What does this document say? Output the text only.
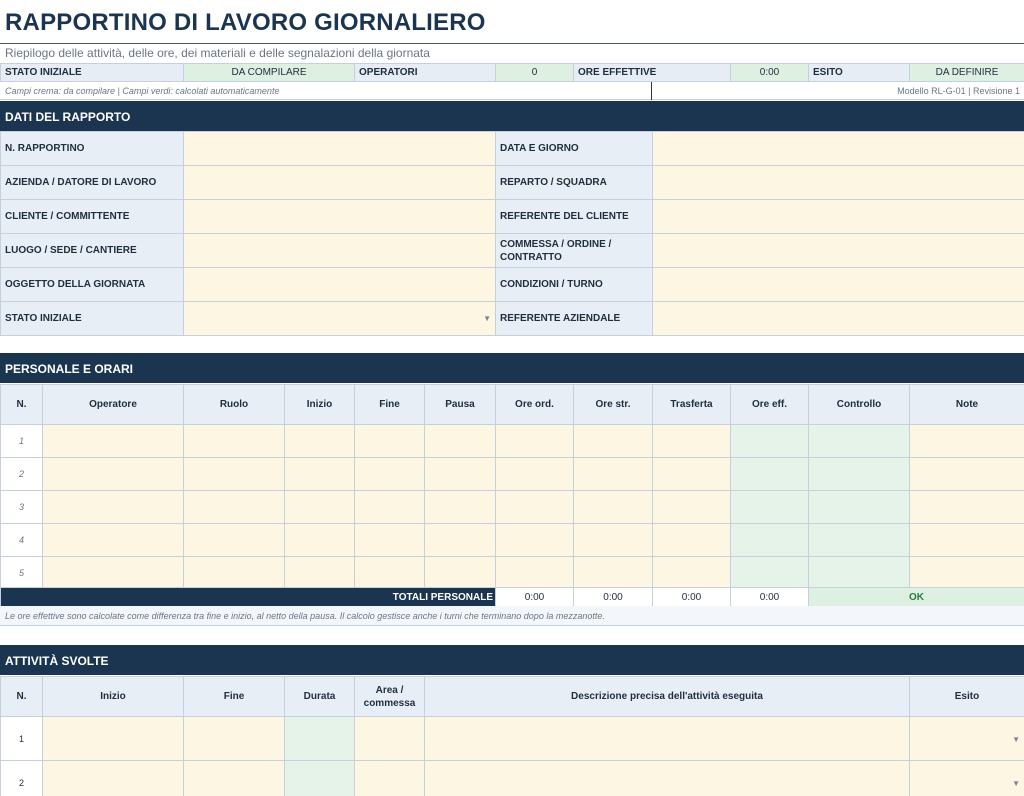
RAPPORTINO DI LAVORO GIORNALIERO
Riepilogo delle attività, delle ore, dei materiali e delle segnalazioni della giornata
STATO INIZIALE	DA COMPILARE	OPERATORI	0	ORE EFFETTIVE	0:00	ESITO	DA DEFINIRE
Campi crema: da compilare | Campi verdi: calcolati automaticamente	Modello RL-G-01 | Revisione 1
DATI DEL RAPPORTO
N. RAPPORTINO		DATA E GIORNO	
AZIENDA / DATORE DI LAVORO		REPARTO / SQUADRA	
CLIENTE / COMMITTENTE		REFERENTE DEL CLIENTE	
LUOGO / SEDE / CANTIERE		COMMESSA / ORDINE / CONTRATTO	
OGGETTO DELLA GIORNATA		CONDIZIONI / TURNO	
STATO INIZIALE	▼	REFERENTE AZIENDALE	
PERSONALE E ORARI
N.	Operatore	Ruolo	Inizio	Fine	Pausa	Ore ord.	Ore str.	Trasferta	Ore eff.	Controllo	Note
1											
2											
3											
4											
5											
TOTALI PERSONALE	0:00	0:00	0:00	0:00	OK
Le ore effettive sono calcolate come differenza tra fine e inizio, al netto della pausa. Il calcolo gestisce anche i turni che terminano dopo la mezzanotte.
ATTIVITÀ SVOLTE
N.	Inizio	Fine	Durata	Area / commessa	Descrizione precisa dell'attività eseguita	Esito
1						▼

2						▼
